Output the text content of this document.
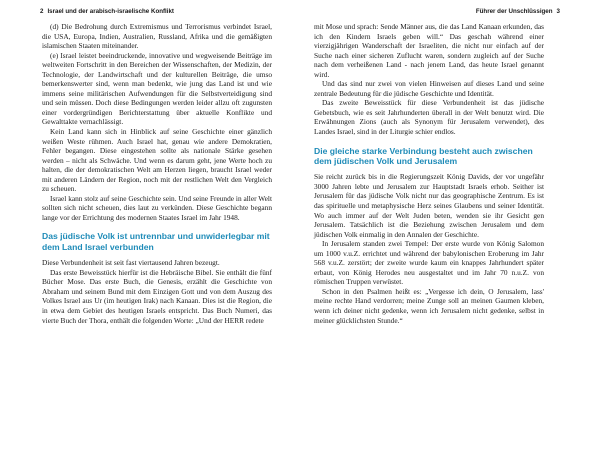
2 Israel und der arabisch-israelische Konflikt

(d) Die Bedrohung durch Extremismus und Terrorismus verbindet Israel, die USA, Europa, Indien, Australien, Russland, Afrika und die gemäßigten islamischen Staaten miteinander.

(e) Israel leistet beeindruckende, innovative und wegweisende Beiträge im weltweiten Fortschritt in den Bereichen der Wissenschaften, der Medizin, der Technologie, der Landwirtschaft und der kulturellen Beiträge, die umso bemerkenswerter sind, wenn man bedenkt, wie jung das Land ist und wie immens seine militärischen Aufwendungen für die Selbstverteidigung sind und sein müssen. Doch diese Bedingungen werden leider allzu oft zugunsten einer vordergründigen Berichterstattung über aktuelle Konflikte und Gewalttakte vernachlässigt.

Kein Land kann sich in Hinblick auf seine Geschichte einer gänzlich weißen Weste rühmen. Auch Israel hat, genau wie andere Demokratien, Fehler begangen. Diese eingestehen sollte als nationale Stärke gesehen werden – nicht als Schwäche. Und wenn es darum geht, jene Werte hoch zu halten, die der demokratischen Welt am Herzen liegen, braucht Israel weder mit anderen Ländern der Region, noch mit der restlichen Welt den Vergleich zu scheuen.

Israel kann stolz auf seine Geschichte sein. Und seine Freunde in aller Welt sollten sich nicht scheuen, dies laut zu verkünden. Diese Geschichte begann lange vor der Errichtung des modernen Staates Israel im Jahr 1948.

Das jüdische Volk ist untrennbar und unwiderlegbar mit dem Land Israel verbunden

Diese Verbundenheit ist seit fast viertausend Jahren bezeugt.

Das erste Beweisstück hierfür ist die Hebräische Bibel. Sie enthält die fünf Bücher Mose. Das erste Buch, die Genesis, erzählt die Geschichte von Abraham und seinem Bund mit dem Einzigen Gott und von dem Auszug des Volkes Israel aus Ur (im heutigen Irak) nach Kanaan. Dies ist die Region, die in etwa dem Gebiet des heutigen Israels entspricht. Das Buch Numeri, das vierte Buch der Thora, enthält die folgenden Worte: „Und der HERR redete

Führer der Unschlüssigen 3

mit Mose und sprach: Sende Männer aus, die das Land Kanaan erkunden, das ich den Kindern Israels geben will.“ Das geschah während einer vierzigjährigen Wanderschaft der Israeliten, die nicht nur einfach auf der Suche nach einer sicheren Zuflucht waren, sondern zugleich auf der Suche nach dem verheißenen Land - nach jenem Land, das heute Israel genannt wird.

Und das sind nur zwei von vielen Hinweisen auf dieses Land und seine zentrale Bedeutung für die jüdische Geschichte und Identität.

Das zweite Beweisstück für diese Verbundenheit ist das jüdische Gebetsbuch, wie es seit Jahrhunderten überall in der Welt benutzt wird. Die Erwähnungen Zions (auch als Synonym für Jerusalem verwendet), des Landes Israel, sind in der Liturgie schier endlos.

Die gleiche starke Verbindung besteht auch zwischen dem jüdischen Volk und Jerusalem

Sie reicht zurück bis in die Regierungszeit König Davids, der vor ungefähr 3000 Jahren lebte und Jerusalem zur Hauptstadt Israels erhob. Seither ist Jerusalem für das jüdische Volk nicht nur das geographische Zentrum. Es ist das spirituelle und metaphysische Herz seines Glaubens und seiner Identität. Wo auch immer auf der Welt Juden beten, wenden sie ihr Gesicht gen Jerusalem. Tatsächlich ist die Beziehung zwischen Jerusalem und dem jüdischen Volk einmalig in den Annalen der Geschichte.

In Jerusalem standen zwei Tempel: Der erste wurde von König Salomon um 1000 v.u.Z. errichtet und während der babylonischen Eroberung im Jahr 568 v.u.Z. zerstört; der zweite wurde kaum ein knappes Jahrhundert später erbaut, von König Herodes neu ausgestaltet und im Jahr 70 n.u.Z. von römischen Truppen verwüstet.

Schon in den Psalmen heißt es: „Vergesse ich dein, O Jerusalem, lass' meine rechte Hand verdorren; meine Zunge soll an meinen Gaumen kleben, wenn ich deiner nicht gedenke, wenn ich Jerusalem nicht gedenke, selbst in meiner glücklichsten Stunde.“
